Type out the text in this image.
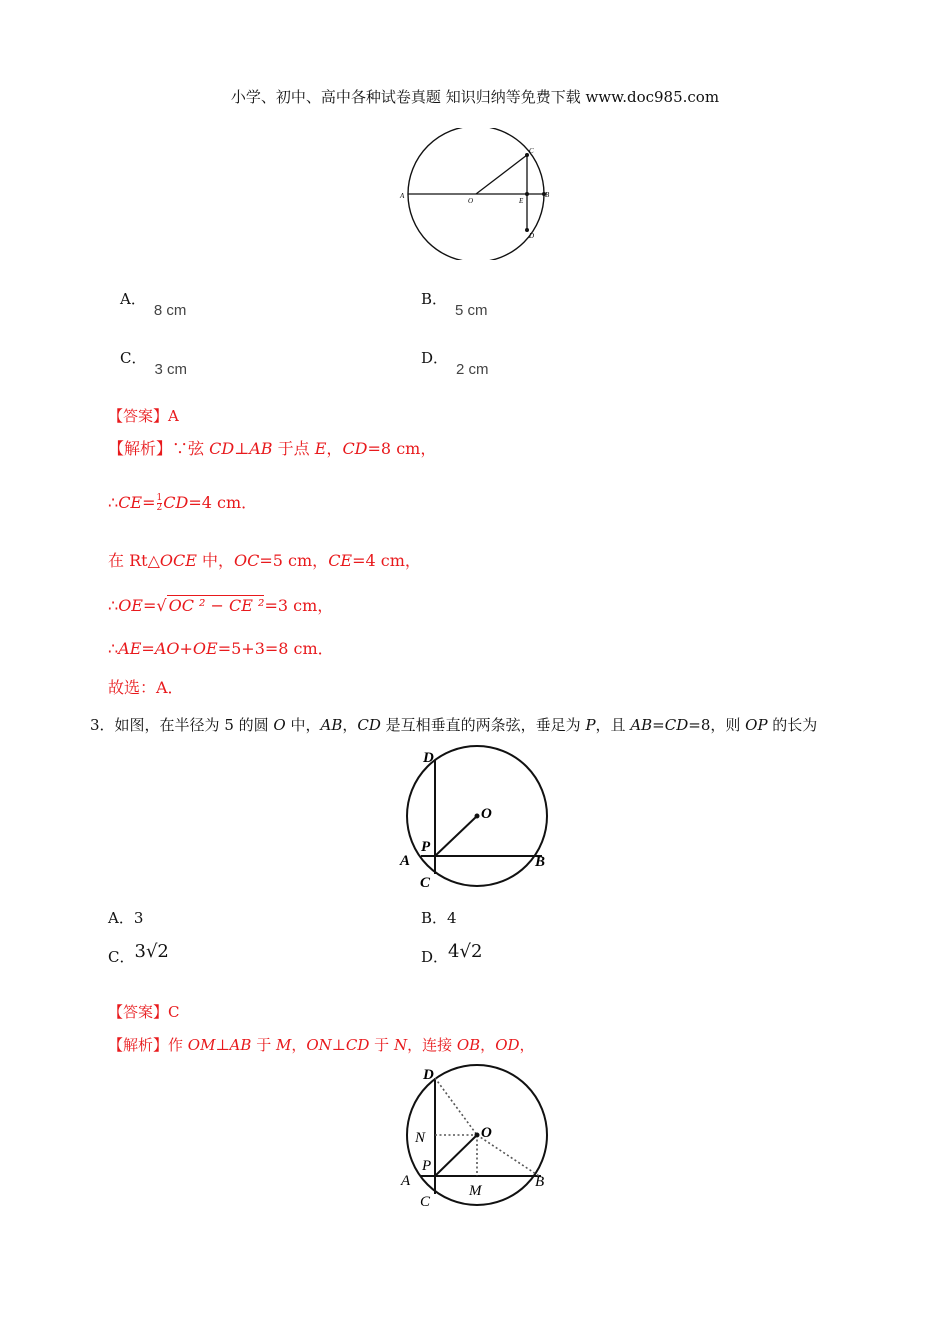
小学、初中、高中各种试卷真题 知识归纳等免费下载 www.doc985.com
A
O
C
E
B
D
A．8 cm
B．5 cm
C．3 cm
D．2 cm
【答案】A
【解析】∵弦 CD⊥AB 于点 E，CD=8 cm，
∴CE= $\frac{1}{2} CD=4$ cm．
在 Rt△OCE 中，OC=5 cm，CE=4 cm，
∴OE=√ OC ² − CE ²=3 cm，
∴AE=AO+OE=5+3=8 cm．
故选：A．
3．如图，在半径为 5 的圆 O 中，AB，CD 是互相垂直的两条弦，垂足为 P，且 AB=CD=8，则 OP 的长为
D
O
P
A	B
C
A．3	B．4
C．3√2	D．4√2
【答案】C
【解析】作 OM⊥AB 于 M，ON⊥CD 于 N，连接 OB，OD，
D
N	O
P
A
M
B
C
